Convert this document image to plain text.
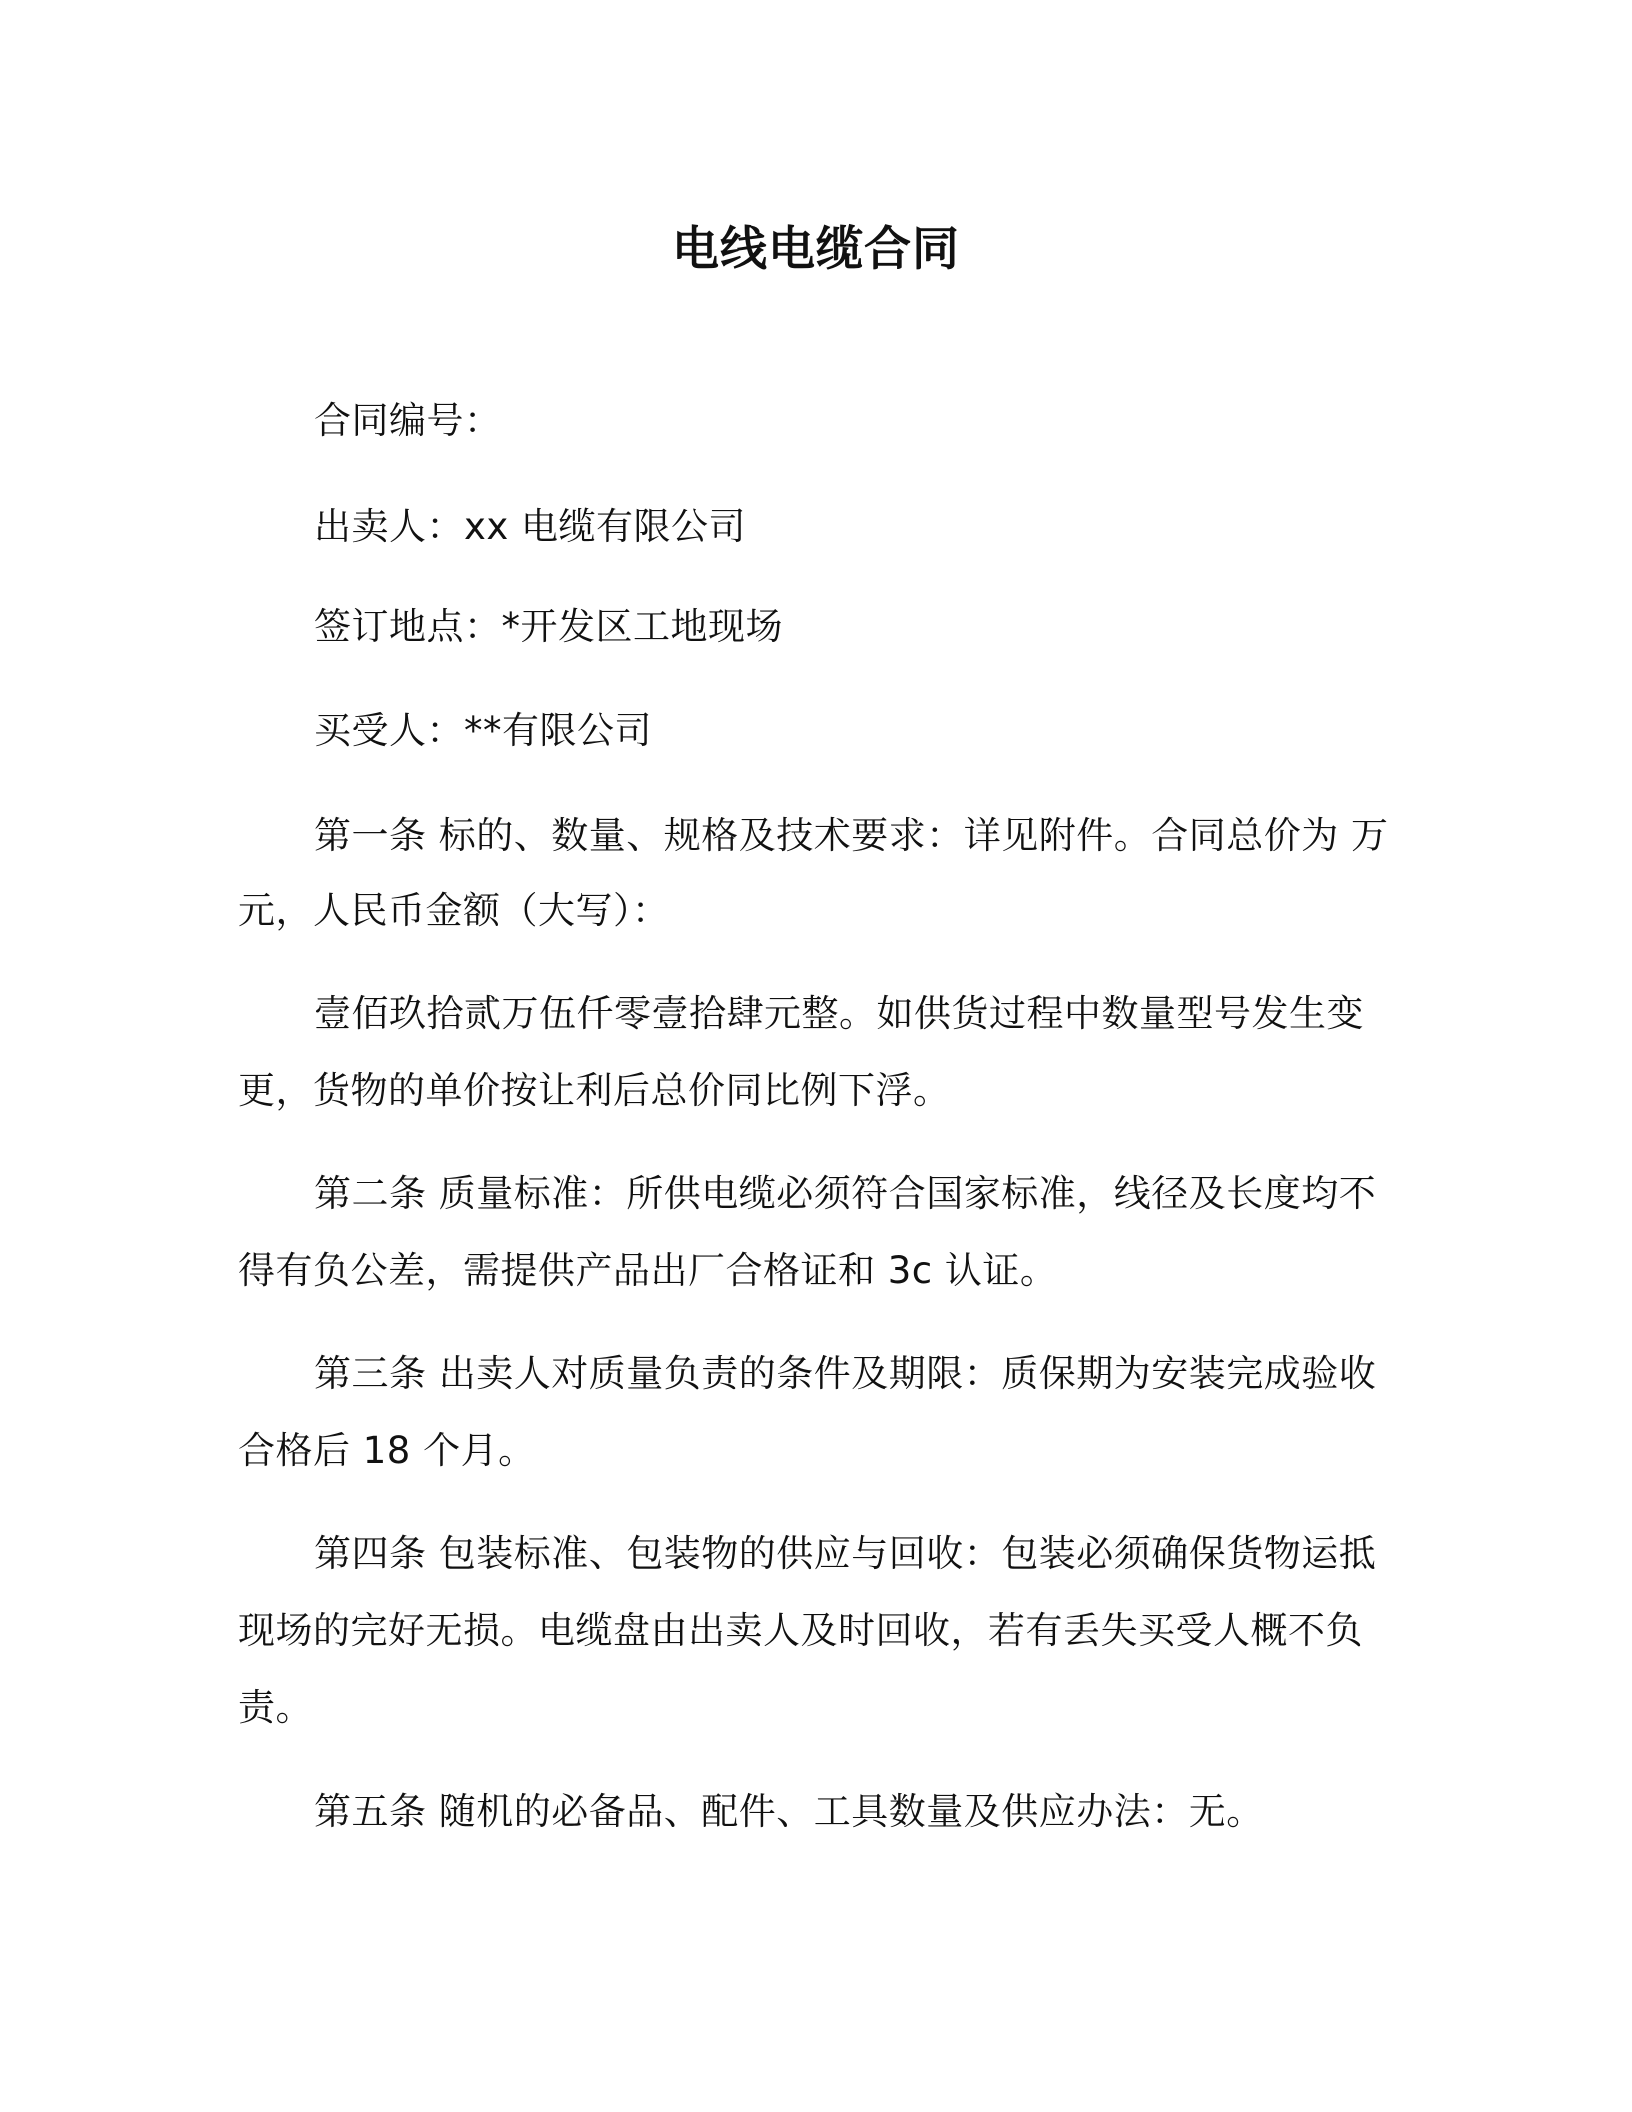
电线电缆合同
合同编号：
出卖人：xx 电缆有限公司
签订地点：*开发区工地现场
买受人：**有限公司
第一条 标的、数量、规格及技术要求：详见附件。合同总价为 万
元，人民币金额（大写）：
壹佰玖拾贰万伍仟零壹拾肆元整。如供货过程中数量型号发生变
更，货物的单价按让利后总价同比例下浮。
第二条 质量标准：所供电缆必须符合国家标准，线径及长度均不
得有负公差，需提供产品出厂合格证和 3c 认证。
第三条 出卖人对质量负责的条件及期限：质保期为安装完成验收
合格后 18 个月。
第四条 包装标准、包装物的供应与回收：包装必须确保货物运抵
现场的完好无损。电缆盘由出卖人及时回收，若有丢失买受人概不负
责。
第五条 随机的必备品、配件、工具数量及供应办法：无。
